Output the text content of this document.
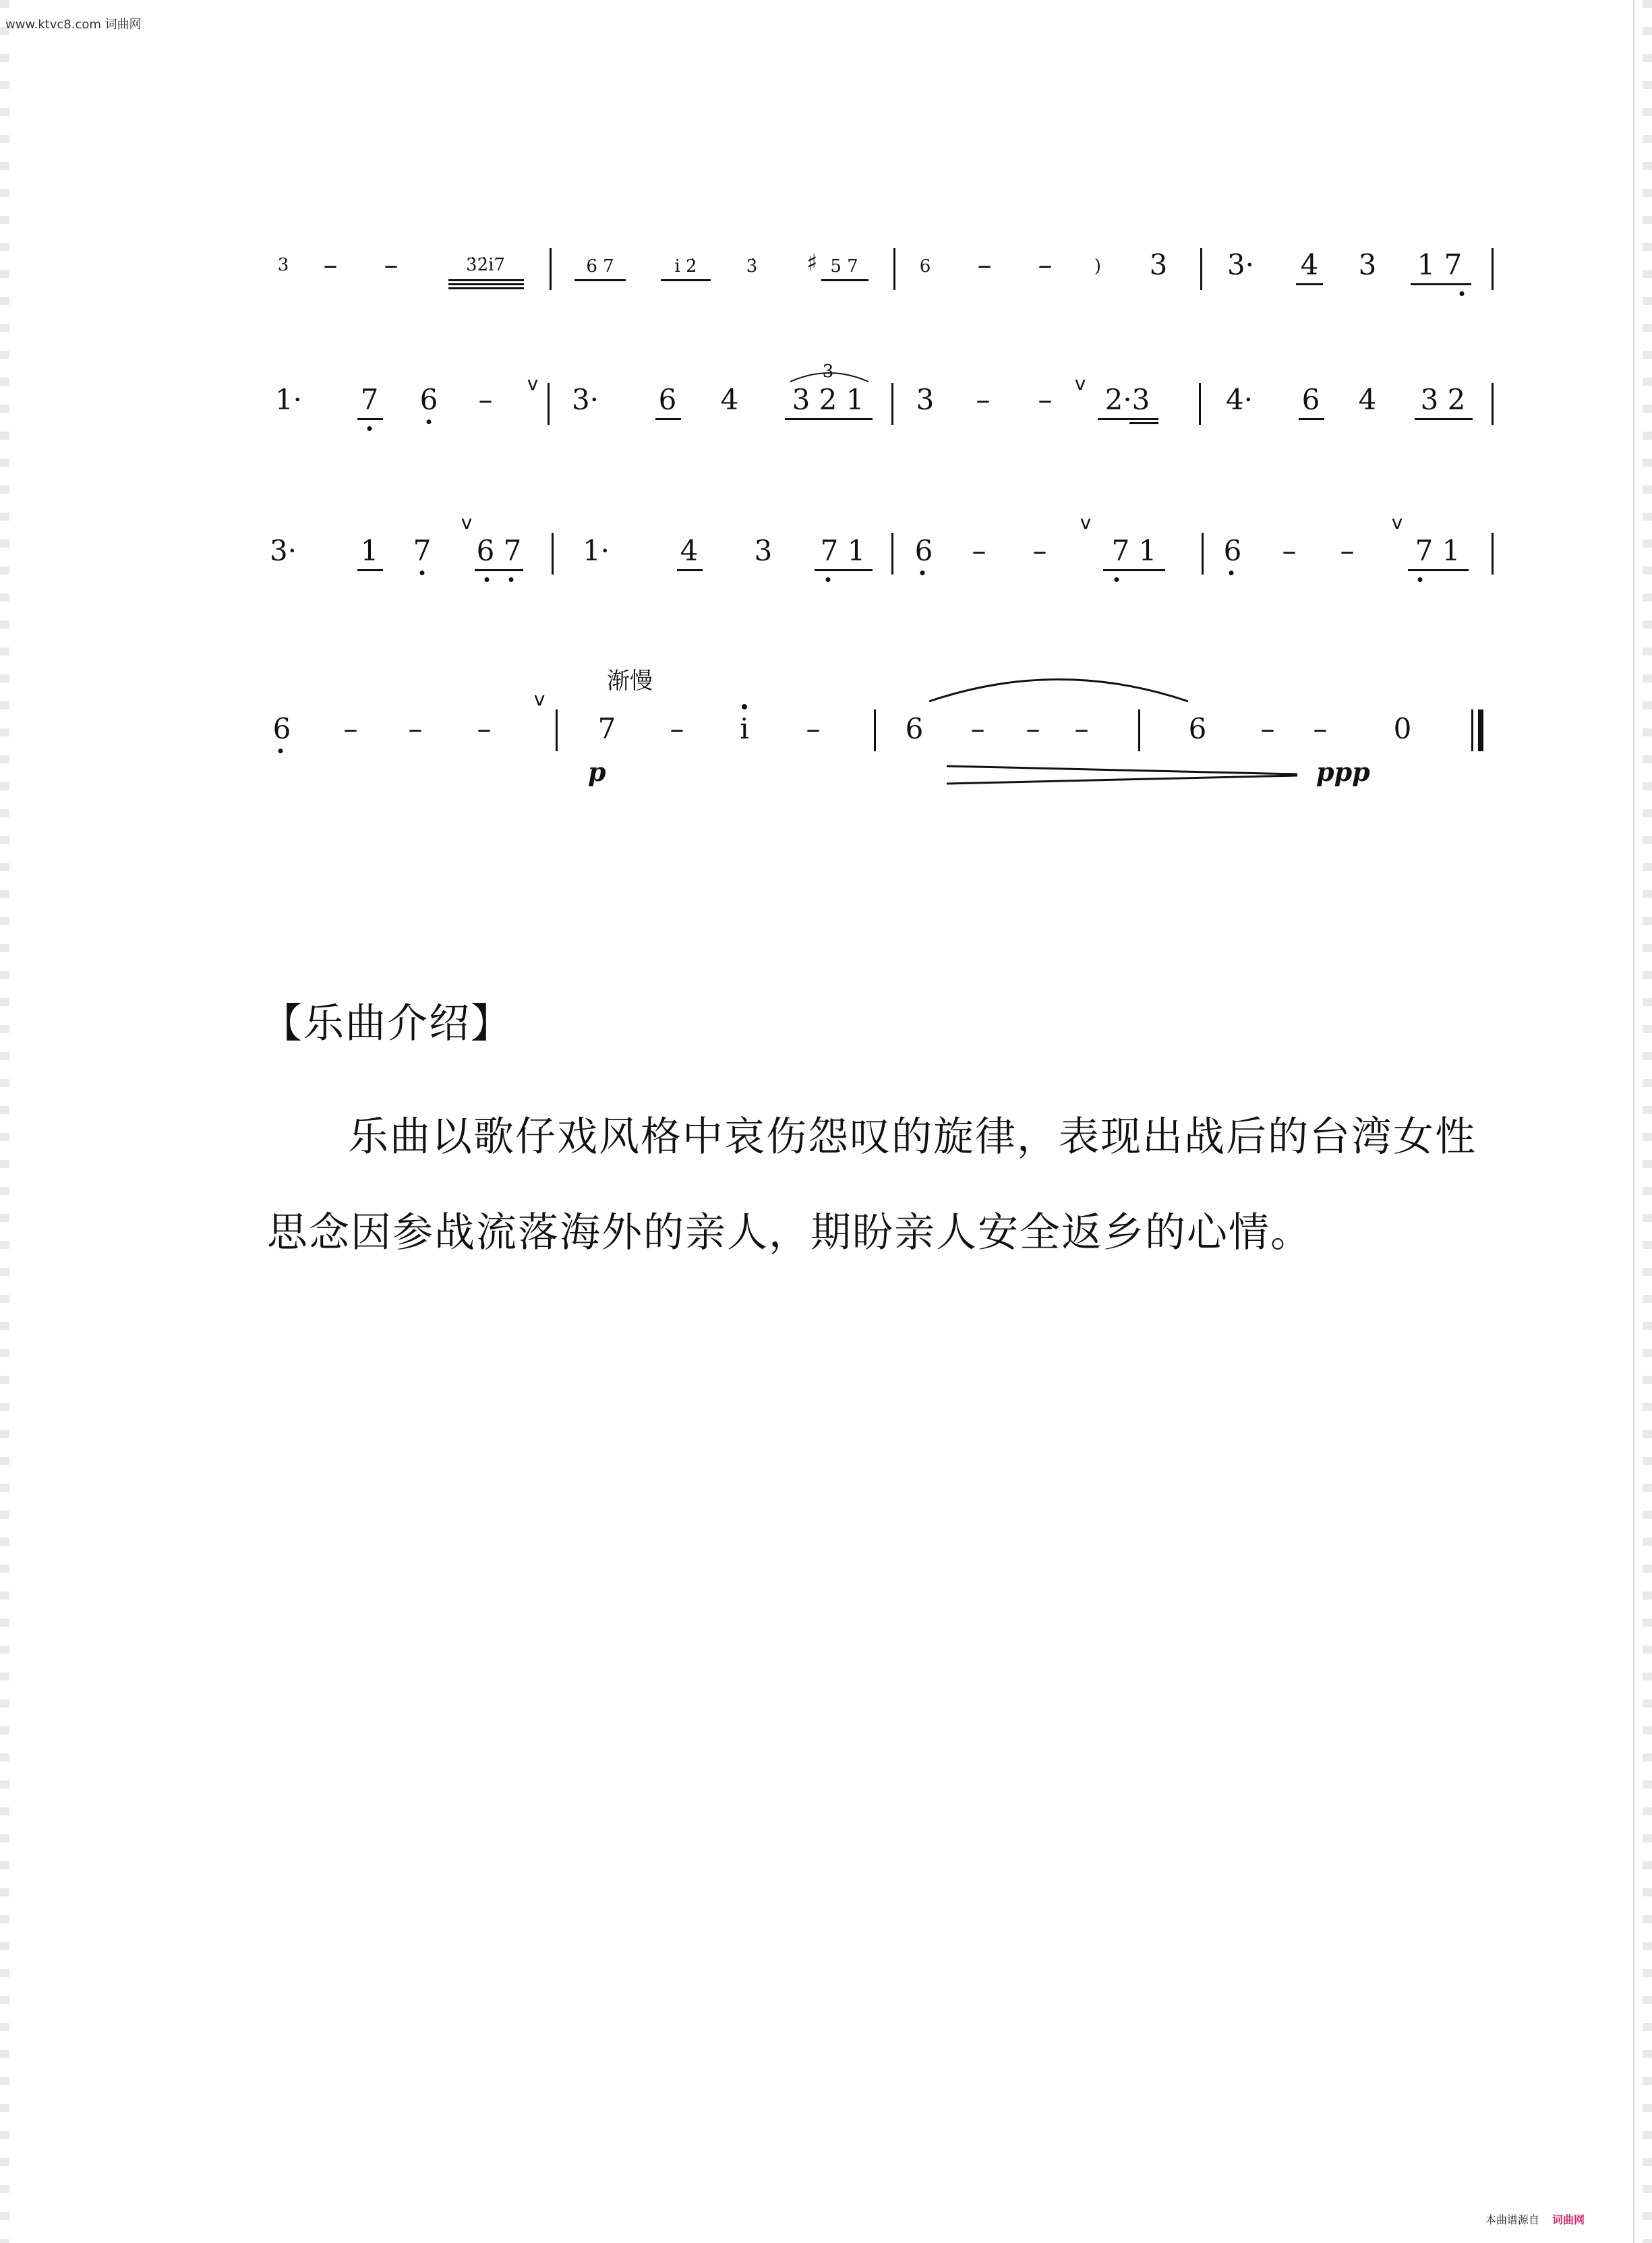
www.ktvc8.com 词曲网
3 – –	3̇2̇i7	6 7	i 2̇	3̇ ♯ 5 7	6 – – ) 3 3· 4 3 1 7
1· 7 6 – v 3· 6 4
3
3 2 1 3 – – v 2·3	4· 6 4 3 2
3· 1 7
v
6 7 1· 4 3 7 1 6 – –
v
7 1 6 – –
v
7 1
渐慢
6 – – –
v
7
p
– i –	6 – – –	6 – – 0
ppp
【乐曲介绍】
乐曲以歌仔戏风格中哀伤怨叹的旋律，表现出战后的台湾女性思念因参战流落海外的亲人，期盼亲人安全返乡的心情。
本曲谱源自 词曲网
